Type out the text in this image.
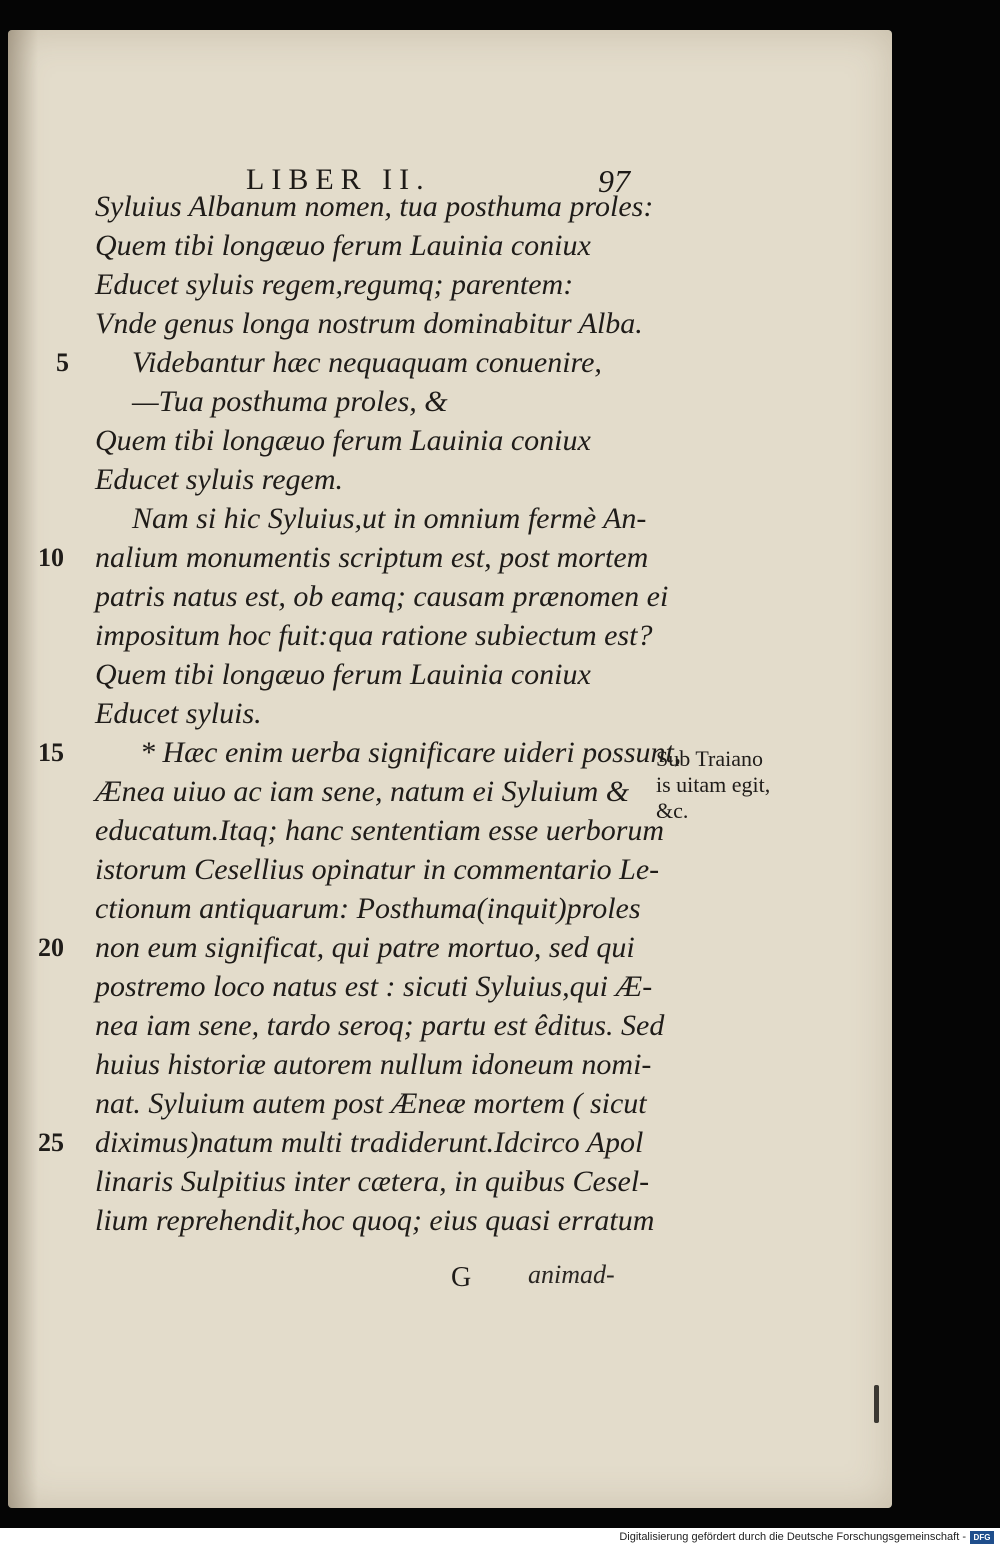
LIBER II.	97
Syluius Albanum nomen, tua posthuma proles:
Quem tibi longæuo ferum Lauinia coniux
Educet syluis regem,regumq; parentem:
Vnde genus longa nostrum dominabitur Alba.
Videbantur hæc nequaquam conuenire,
—Tua posthuma proles, &
Quem tibi longæuo ferum Lauinia coniux
Educet syluis regem.
Nam si hic Syluius,ut in omnium fermè An-
nalium monumentis scriptum est, post mortem
patris natus est, ob eamq; causam prænomen ei
impositum hoc fuit:qua ratione subiectum est?
Quem tibi longæuo ferum Lauinia coniux
Educet syluis.
* Hæc enim uerba significare uideri possunt,
Ænea uiuo ac iam sene, natum ei Syluium &
educatum.Itaq; hanc sententiam esse uerborum
istorum Cesellius opinatur in commentario Le-
ctionum antiquarum: Posthuma(inquit)proles
non eum significat, qui patre mortuo, sed qui
postremo loco natus est : sicuti Syluius,qui Æ-
nea iam sene, tardo seroq; partu est êditus. Sed
huius historiæ autorem nullum idoneum nomi-
nat. Syluium autem post Æneæ mortem ( sicut
diximus)natum multi tradiderunt.Idcirco Apol
linaris Sulpitius inter cætera, in quibus Cesel-
lium reprehendit,hoc quoq; eius quasi erratum
5
10
15
20
25
Sub Traiano
is uitam egit,
&c.
G animad-
Digitalisierung gefördert durch die Deutsche Forschungsgemeinschaft - DFG
